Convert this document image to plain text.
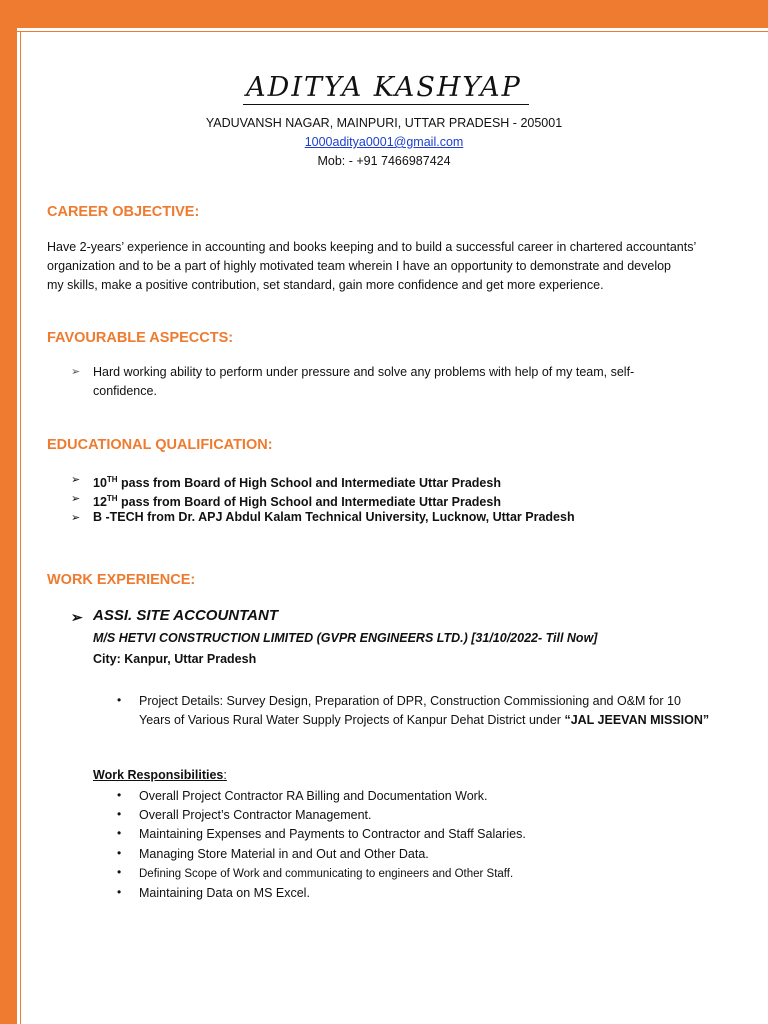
ADITYA KASHYAP
YADUVANSH NAGAR, MAINPURI, UTTAR PRADESH - 205001
1000aditya0001@gmail.com
Mob: - +91 7466987424
CAREER OBJECTIVE:
Have 2-years’ experience in accounting and books keeping and to build a successful career in chartered accountants’
organization and to be a part of highly motivated team wherein I have an opportunity to demonstrate and develop
my skills, make a positive contribution, set standard, gain more confidence and get more experience.
FAVOURABLE ASPECCTS:
➢ Hard working ability to perform under pressure and solve any problems with help of my team, self-
confidence.
EDUCATIONAL QUALIFICATION:
➢ 10TH pass from Board of High School and Intermediate Uttar Pradesh
➢ 12TH pass from Board of High School and Intermediate Uttar Pradesh
➢ B -TECH from Dr. APJ Abdul Kalam Technical University, Lucknow, Uttar Pradesh
WORK EXPERIENCE:
➢ ASSI. SITE ACCOUNTANT
M/S HETVI CONSTRUCTION LIMITED (GVPR ENGINEERS LTD.) [31/10/2022- Till Now]
City: Kanpur, Uttar Pradesh
• Project Details: Survey Design, Preparation of DPR, Construction Commissioning and O&M for 10
Years of Various Rural Water Supply Projects of Kanpur Dehat District under “JAL JEEVAN MISSION”
Work Responsibilities:
• Overall Project Contractor RA Billing and Documentation Work.
• Overall Project’s Contractor Management.
• Maintaining Expenses and Payments to Contractor and Staff Salaries.
• Managing Store Material in and Out and Other Data.
• Defining Scope of Work and communicating to engineers and Other Staff.
• Maintaining Data on MS Excel.
